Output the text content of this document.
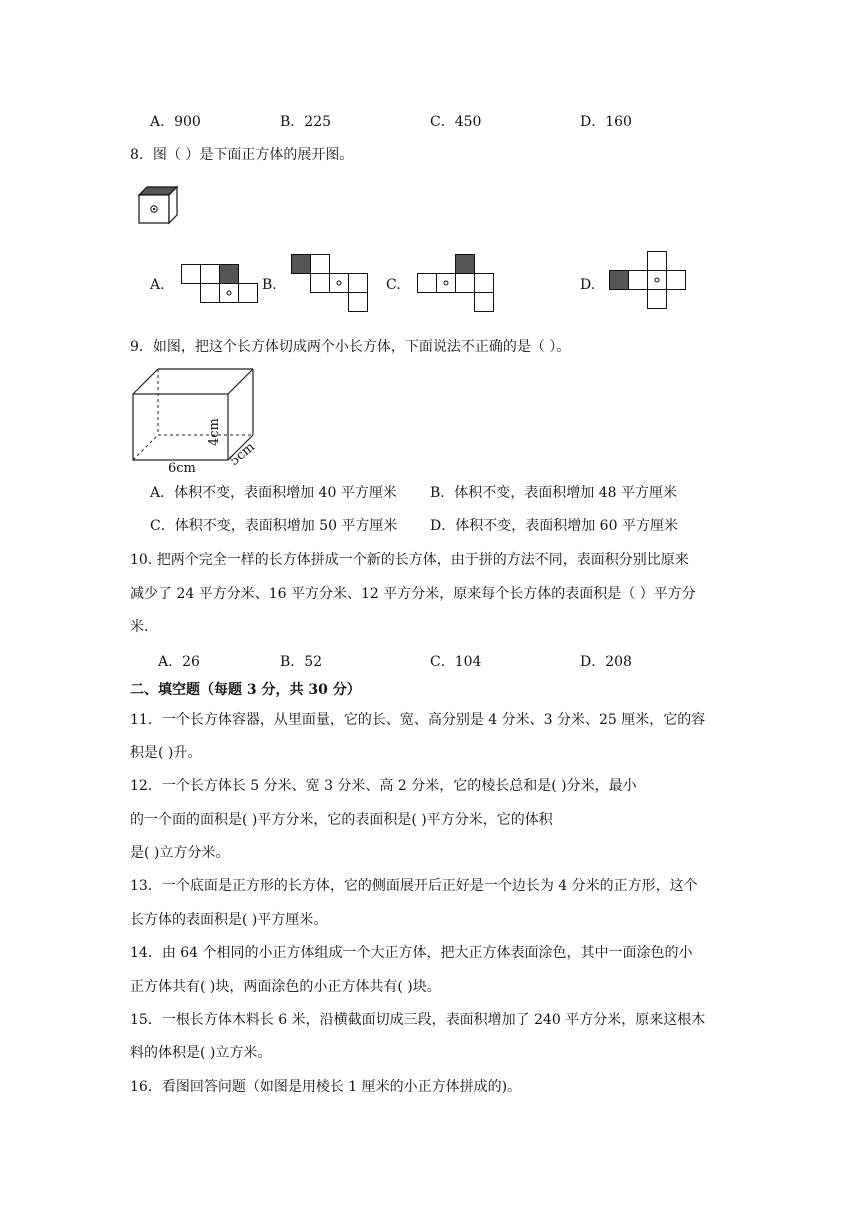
A．900	B．225	C．450	D．160
8．图（ ）是下面正方体的展开图。
A.	B.	C.	D.
9．如图，把这个长方体切成两个小长方体，下面说法不正确的是（ ）。
6cm 5cm
4cm
A．体积不变，表面积增加 40 平方厘米 B．体积不变，表面积增加 48 平方厘米
C．体积不变，表面积增加 50 平方厘米 D．体积不变，表面积增加 60 平方厘米
10. 把两个完全一样的长方体拼成一个新的长方体，由于拼的方法不同，表面积分别比原来
减少了 24 平方分米、16 平方分米、12 平方分米，原来每个长方体的表面积是（ ）平方分
米.
A．26	B．52	C．104	D．208
二、填空题（每题 3 分，共 30 分）
11．一个长方体容器，从里面量，它的长、宽、高分别是 4 分米、3 分米、25 厘米，它的容
积是( )升。
12．一个长方体长 5 分米、宽 3 分米、高 2 分米，它的棱长总和是( )分米，最小
的一个面的面积是( )平方分米，它的表面积是( )平方分米，它的体积
是( )立方分米。
13．一个底面是正方形的长方体，它的侧面展开后正好是一个边长为 4 分米的正方形，这个
长方体的表面积是( )平方厘米。
14．由 64 个相同的小正方体组成一个大正方体，把大正方体表面涂色，其中一面涂色的小
正方体共有( )块，两面涂色的小正方体共有( )块。
15．一根长方体木料长 6 米，沿横截面切成三段，表面积增加了 240 平方分米，原来这根木
料的体积是( )立方米。
16．看图回答问题（如图是用棱长 1 厘米的小正方体拼成的)。
